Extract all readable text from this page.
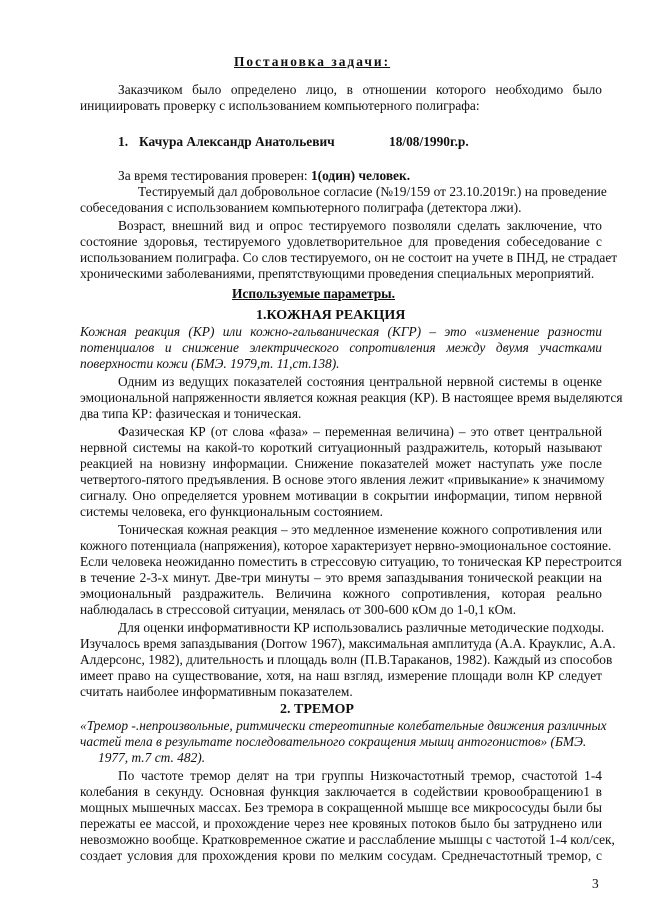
Постановка задачи:
Заказчиком было определено лицо, в отношении которого необходимо было
инициировать проверку с использованием компьютерного полиграфа:
1. Качура Александр Анатольевич	18/08/1990г.р.
За время тестирования проверен: 1(один) человек.
Тестируемый дал добровольное согласие (№19/159 от 23.10.2019г.) на проведение
собеседования с использованием компьютерного полиграфа (детектора лжи).
Возраст, внешний вид и опрос тестируемого позволяли сделать заключение, что
состояние здоровья, тестируемого удовлетворительное для проведения собеседование с
использованием полиграфа. Со слов тестируемого, он не состоит на учете в ПНД, не страдает
хроническими заболеваниями, препятствующими проведения специальных мероприятий.
Используемые параметры.
1.КОЖНАЯ РЕАКЦИЯ
Кожная реакция (КР) или кожно-гальваническая (КГР) – это «изменение разности
потенциалов и снижение электрического сопротивления между двумя участками
поверхности кожи (БМЭ. 1979,т. 11,ст.138).
Одним из ведущих показателей состояния центральной нервной системы в оценке
эмоциональной напряженности является кожная реакция (КР). В настоящее время выделяются
два типа КР: фазическая и тоническая.
Фазическая КР (от слова «фаза» – переменная величина) – это ответ центральной
нервной системы на какой-то короткий ситуационный раздражитель, который называют
реакцией на новизну информации. Снижение показателей может наступать уже после
четвертого-пятого предъявления. В основе этого явления лежит «привыкание» к значимому
сигналу. Оно определяется уровнем мотивации в сокрытии информации, типом нервной
системы человека, его функциональным состоянием.
Тоническая кожная реакция – это медленное изменение кожного сопротивления или
кожного потенциала (напряжения), которое характеризует нервно-эмоциональное состояние.
Если человека неожиданно поместить в стрессовую ситуацию, то тоническая КР перестроится
в течение 2-3-х минут. Две-три минуты – это время запаздывания тонической реакции на
эмоциональный раздражитель. Величина кожного сопротивления, которая реально
наблюдалась в стрессовой ситуации, менялась от 300-600 кОм до 1-0,1 кОм.
Для оценки информативности КР использовались различные методические подходы.
Изучалось время запаздывания (Dorrow 1967), максимальная амплитуда (А.А. Крауклис, А.А.
Алдерсонс, 1982), длительность и площадь волн (П.В.Тараканов, 1982). Каждый из способов
имеет право на существование, хотя, на наш взгляд, измерение площади волн КР следует
считать наиболее информативным показателем.
2. ТРЕМОР
«Тремор -.непроизвольные, ритмически стереотипные колебательные движения различных
частей тела в результате последовательного сокращения мышц антогонистов» (БМЭ.
1977, т.7 ст. 482).
По частоте тремор делят на три группы Низкочастотный тремор, счастотой 1-4
колебания в секунду. Основная функция заключается в содействии кровообращению1 в
мощных мышечных массах. Без тремора в сокращенной мышце все микрососуды были бы
пережаты ее массой, и прохождение через нее кровяных потоков было бы затруднено или
невозможно вообще. Кратковременное сжатие и расслабление мышцы с частотой 1-4 кол/сек,
создает условия для прохождения крови по мелким сосудам. Среднечастотный тремор, с
3
